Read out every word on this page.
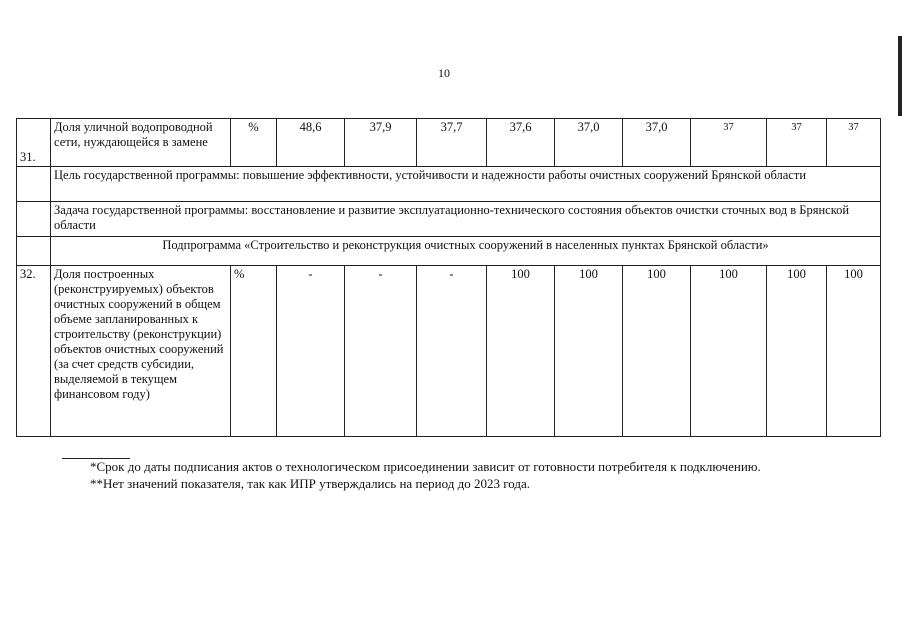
10
31.	Доля уличной водопроводной сети, нуждающейся в замене	%	48,6	37,9	37,7	37,6	37,0	37,0	37	37	37
	Цель государственной программы: повышение эффективности, устойчивости и надежности работы очистных сооружений Брянской области										
	Задача государственной программы: восстановление и развитие эксплуатационно-технического состояния объектов очистки сточных вод в Брянской области										
	Подпрограмма «Строительство и реконструкция очистных сооружений в населенных пунктах Брянской области»										
32.	Доля построенных (реконструируемых) объектов очистных сооружений в общем объеме запланированных к строительству (реконструкции) объектов очистных сооружений (за счет средств субсидии, выделяемой в текущем финансовом году)	%	-	-	-	100	100	100	100	100	100

*Срок до даты подписания актов о технологическом присоединении зависит от готовности потребителя к подключению.

**Нет значений показателя, так как ИПР утверждались на период до 2023 года.
